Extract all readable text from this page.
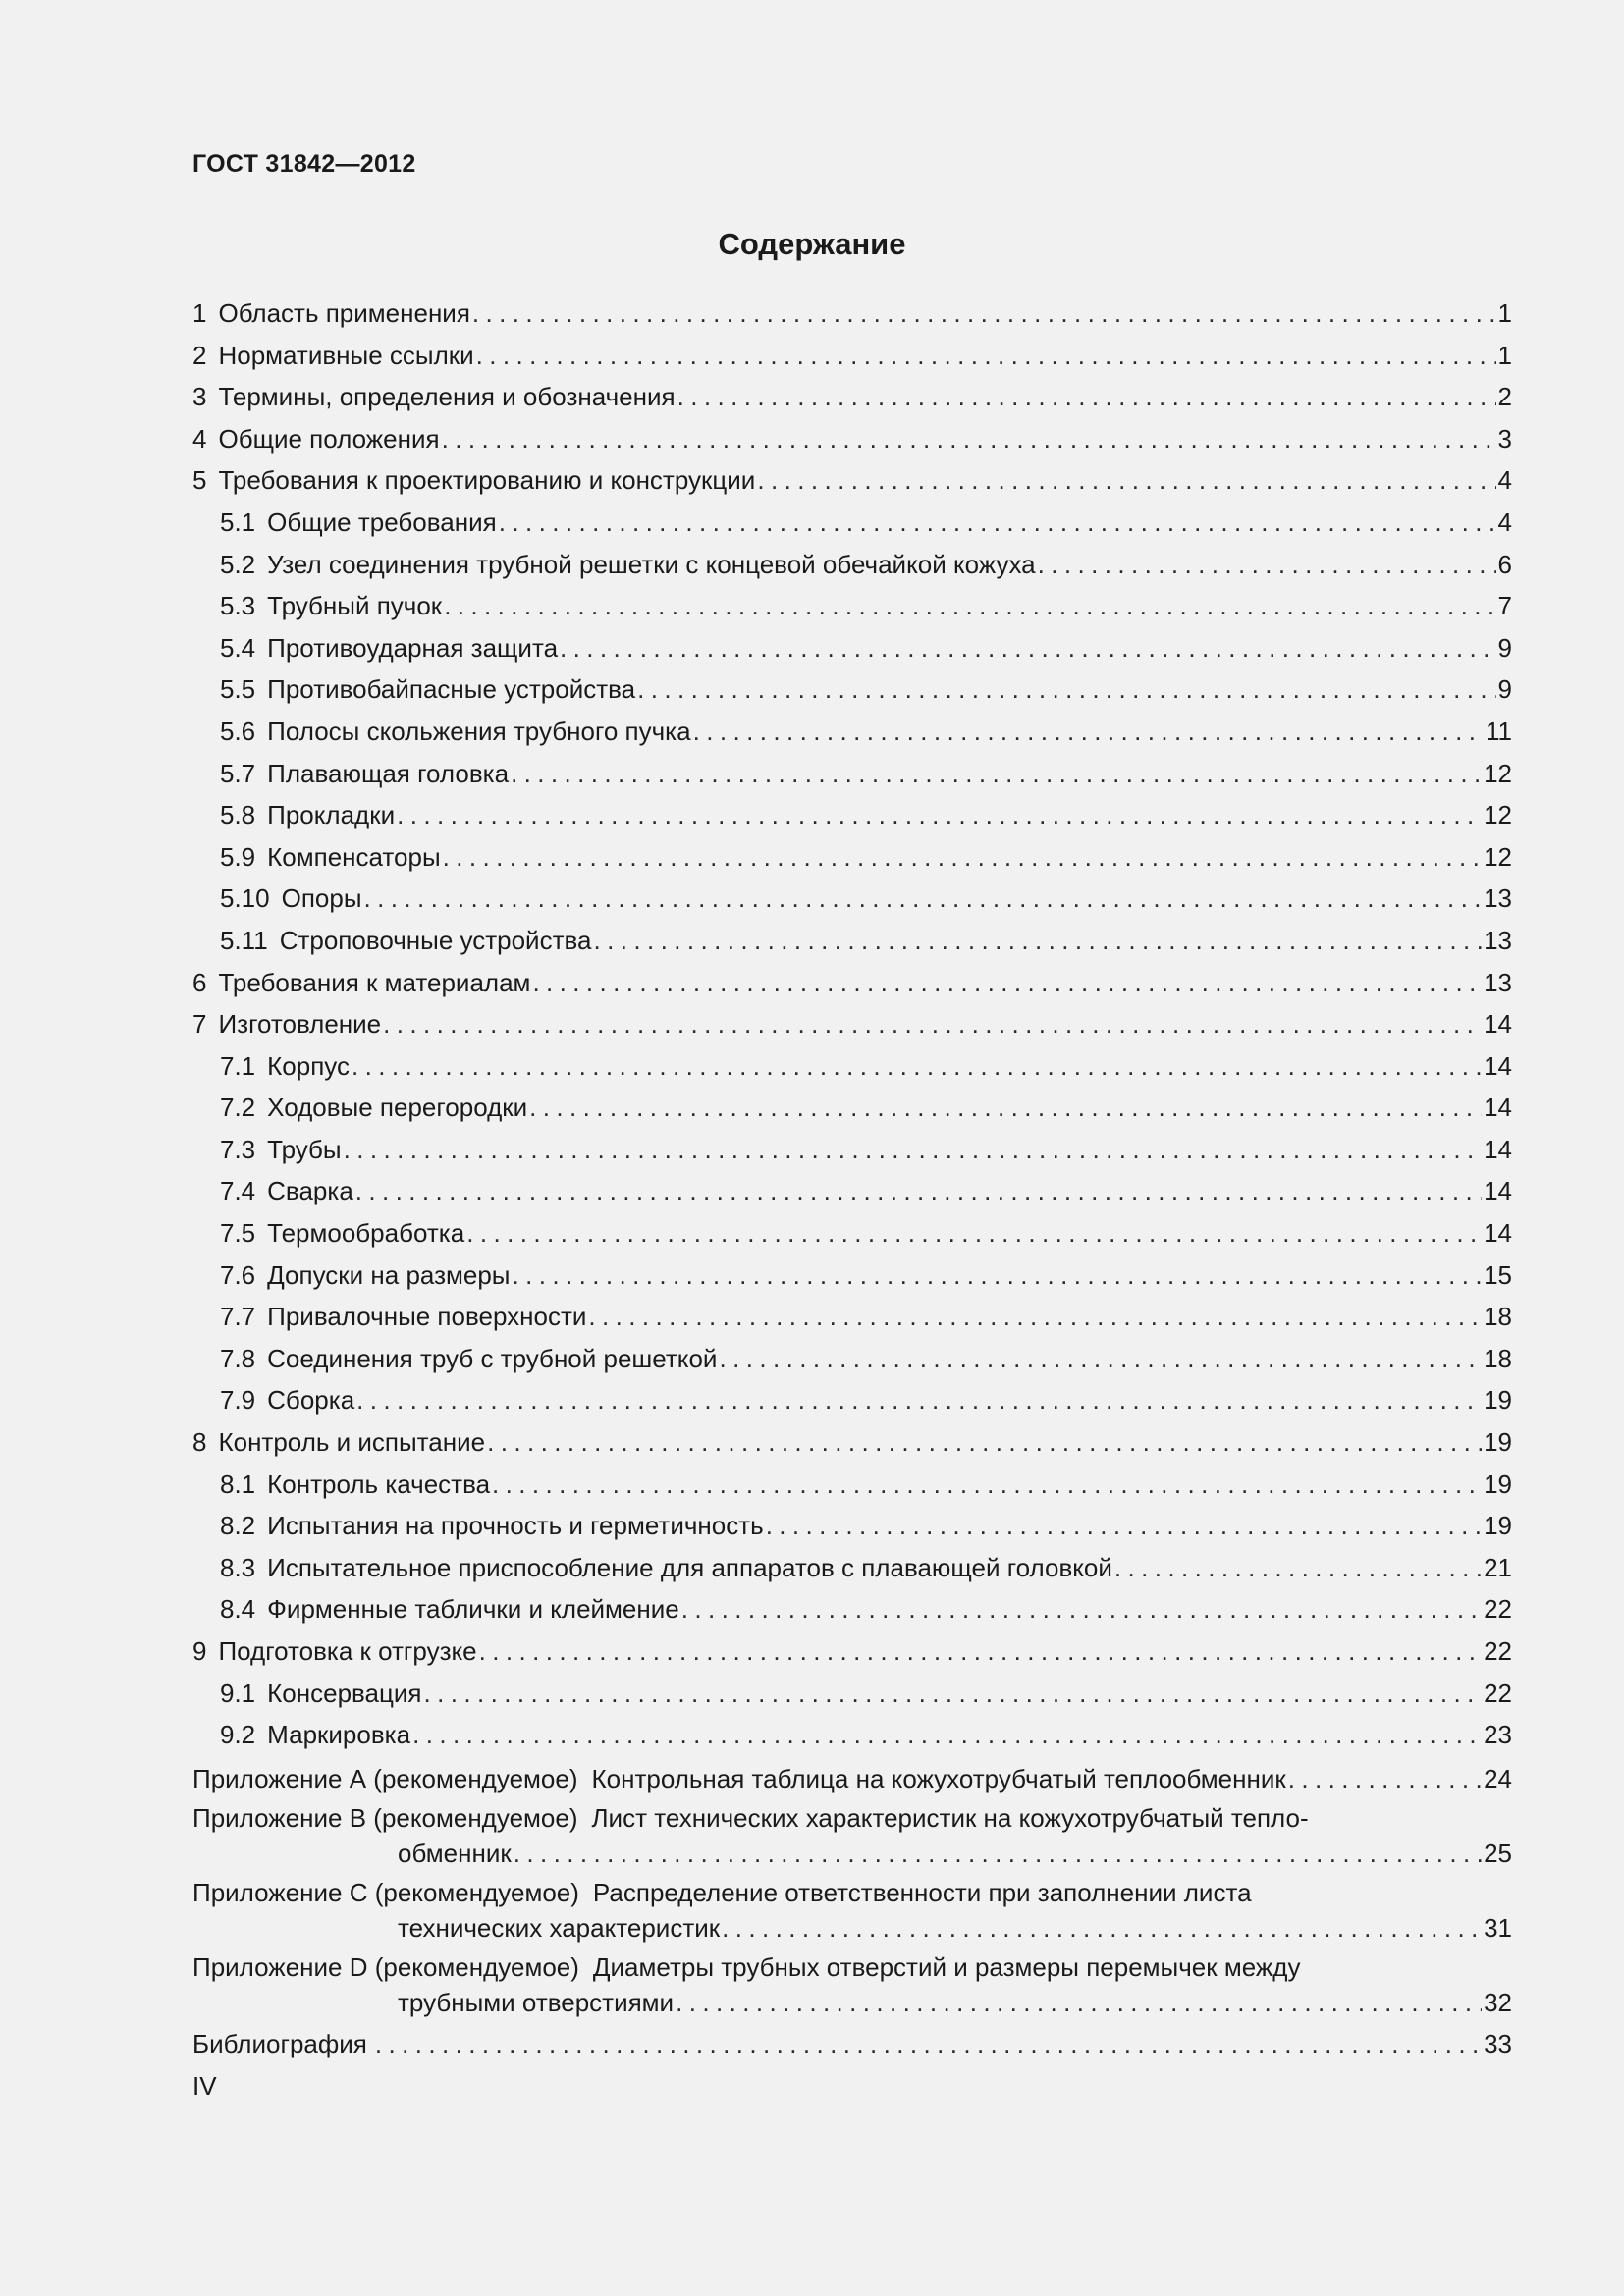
ГОСТ 31842—2012
Содержание
1 Область применения .....	1
2 Нормативные ссылки .....	1
3 Термины, определения и обозначения .....	2
4 Общие положения .....	3
5 Требования к проектированию и конструкции .....	4
5.1 Общие требования .....	4
5.2 Узел соединения трубной решетки с концевой обечайкой кожуха .....	6
5.3 Трубный пучок .....	7
5.4 Противоударная защита .....	9
5.5 Противобайпасные устройства .....	9
5.6 Полосы скольжения трубного пучка .....	11
5.7 Плавающая головка .....	12
5.8 Прокладки .....	12
5.9 Компенсаторы .....	12
5.10 Опоры .....	13
5.11 Строповочные устройства .....	13
6 Требования к материалам .....	13
7 Изготовление .....	14
7.1 Корпус .....	14
7.2 Ходовые перегородки .....	14
7.3 Трубы .....	14
7.4 Сварка .....	14
7.5 Термообработка .....	14
7.6 Допуски на размеры .....	15
7.7 Привалочные поверхности .....	18
7.8 Соединения труб с трубной решеткой .....	18
7.9 Сборка .....	19
8 Контроль и испытание .....	19
8.1 Контроль качества .....	19
8.2 Испытания на прочность и герметичность .....	19
8.3 Испытательное приспособление для аппаратов с плавающей головкой .....	21
8.4 Фирменные таблички и клеймение .....	22
9 Подготовка к отгрузке .....	22
9.1 Консервация .....	22
9.2 Маркировка .....	23
Приложение А (рекомендуемое) Контрольная таблица на кожухотрубчатый теплообменник .....	24
Приложение В (рекомендуемое) Лист технических характеристик на кожухотрубчатый тепло-
обменник .....	25
Приложение С (рекомендуемое) Распределение ответственности при заполнении листа
технических характеристик .....	31
Приложение D (рекомендуемое) Диаметры трубных отверстий и размеры перемычек между
трубными отверстиями .....	32
Библиография .....	33
IV
